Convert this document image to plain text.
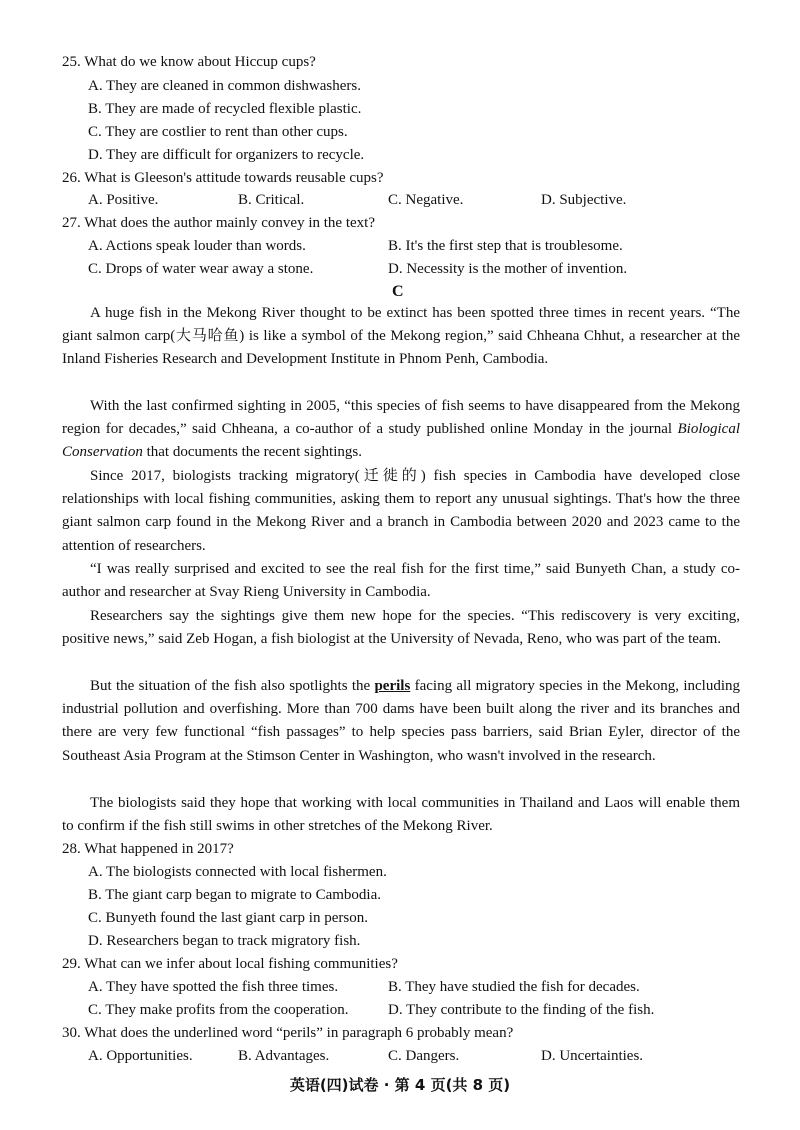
25. What do we know about Hiccup cups?
A. They are cleaned in common dishwashers.
B. They are made of recycled flexible plastic.
C. They are costlier to rent than other cups.
D. They are difficult for organizers to recycle.
26. What is Gleeson's attitude towards reusable cups?
A. Positive.	B. Critical.	C. Negative.	D. Subjective.
27. What does the author mainly convey in the text?
A. Actions speak louder than words.	B. It's the first step that is troublesome.
C. Drops of water wear away a stone.	D. Necessity is the mother of invention.
C
A huge fish in the Mekong River thought to be extinct has been spotted three times in recent years. “The giant salmon carp(大马哈鱼) is like a symbol of the Mekong region,” said Chheana Chhut, a researcher at the Inland Fisheries Research and Development Institute in Phnom Penh, Cambodia.
With the last confirmed sighting in 2005, “this species of fish seems to have disappeared from the Mekong region for decades,” said Chheana, a co-author of a study published online Monday in the journal Biological Conservation that documents the recent sightings.
Since 2017, biologists tracking migratory(迁徙的) fish species in Cambodia have developed close relationships with local fishing communities, asking them to report any unusual sightings. That's how the three giant salmon carp found in the Mekong River and a branch in Cambodia between 2020 and 2023 came to the attention of researchers.
“I was really surprised and excited to see the real fish for the first time,” said Bunyeth Chan, a study co-author and researcher at Svay Rieng University in Cambodia.
Researchers say the sightings give them new hope for the species. “This rediscovery is very exciting, positive news,” said Zeb Hogan, a fish biologist at the University of Nevada, Reno, who was part of the team.
But the situation of the fish also spotlights the perils facing all migratory species in the Mekong, including industrial pollution and overfishing. More than 700 dams have been built along the river and its branches and there are very few functional “fish passages” to help species pass barriers, said Brian Eyler, director of the Southeast Asia Program at the Stimson Center in Washington, who wasn't involved in the research.
The biologists said they hope that working with local communities in Thailand and Laos will enable them to confirm if the fish still swims in other stretches of the Mekong River.
28. What happened in 2017?
A. The biologists connected with local fishermen.
B. The giant carp began to migrate to Cambodia.
C. Bunyeth found the last giant carp in person.
D. Researchers began to track migratory fish.
29. What can we infer about local fishing communities?
A. They have spotted the fish three times.	B. They have studied the fish for decades.
C. They make profits from the cooperation.	D. They contribute to the finding of the fish.
30. What does the underlined word “perils” in paragraph 6 probably mean?
A. Opportunities.	B. Advantages.	C. Dangers.	D. Uncertainties.
英语(四)试卷 · 第 4 页(共 8 页)
